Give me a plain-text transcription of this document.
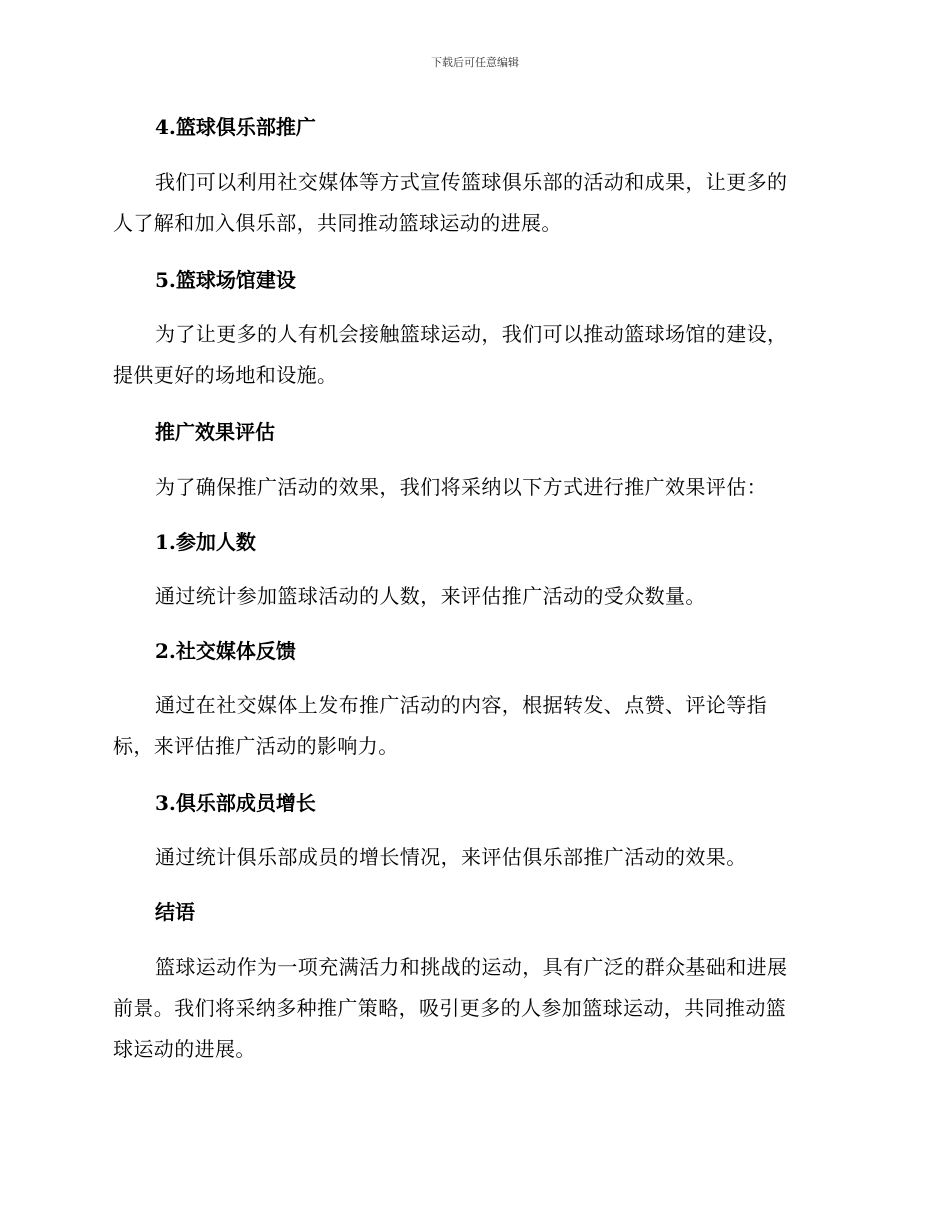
下载后可任意编辑
4.篮球俱乐部推广
我们可以利用社交媒体等方式宣传篮球俱乐部的活动和成果，让更多的
人了解和加入俱乐部，共同推动篮球运动的进展。
5.篮球场馆建设
为了让更多的人有机会接触篮球运动，我们可以推动篮球场馆的建设，
提供更好的场地和设施。
推广效果评估
为了确保推广活动的效果，我们将采纳以下方式进行推广效果评估：
1.参加人数
通过统计参加篮球活动的人数，来评估推广活动的受众数量。
2.社交媒体反馈
通过在社交媒体上发布推广活动的内容，根据转发、点赞、评论等指
标，来评估推广活动的影响力。
3.俱乐部成员增长
通过统计俱乐部成员的增长情况，来评估俱乐部推广活动的效果。
结语
篮球运动作为一项充满活力和挑战的运动，具有广泛的群众基础和进展
前景。我们将采纳多种推广策略，吸引更多的人参加篮球运动，共同推动篮
球运动的进展。
